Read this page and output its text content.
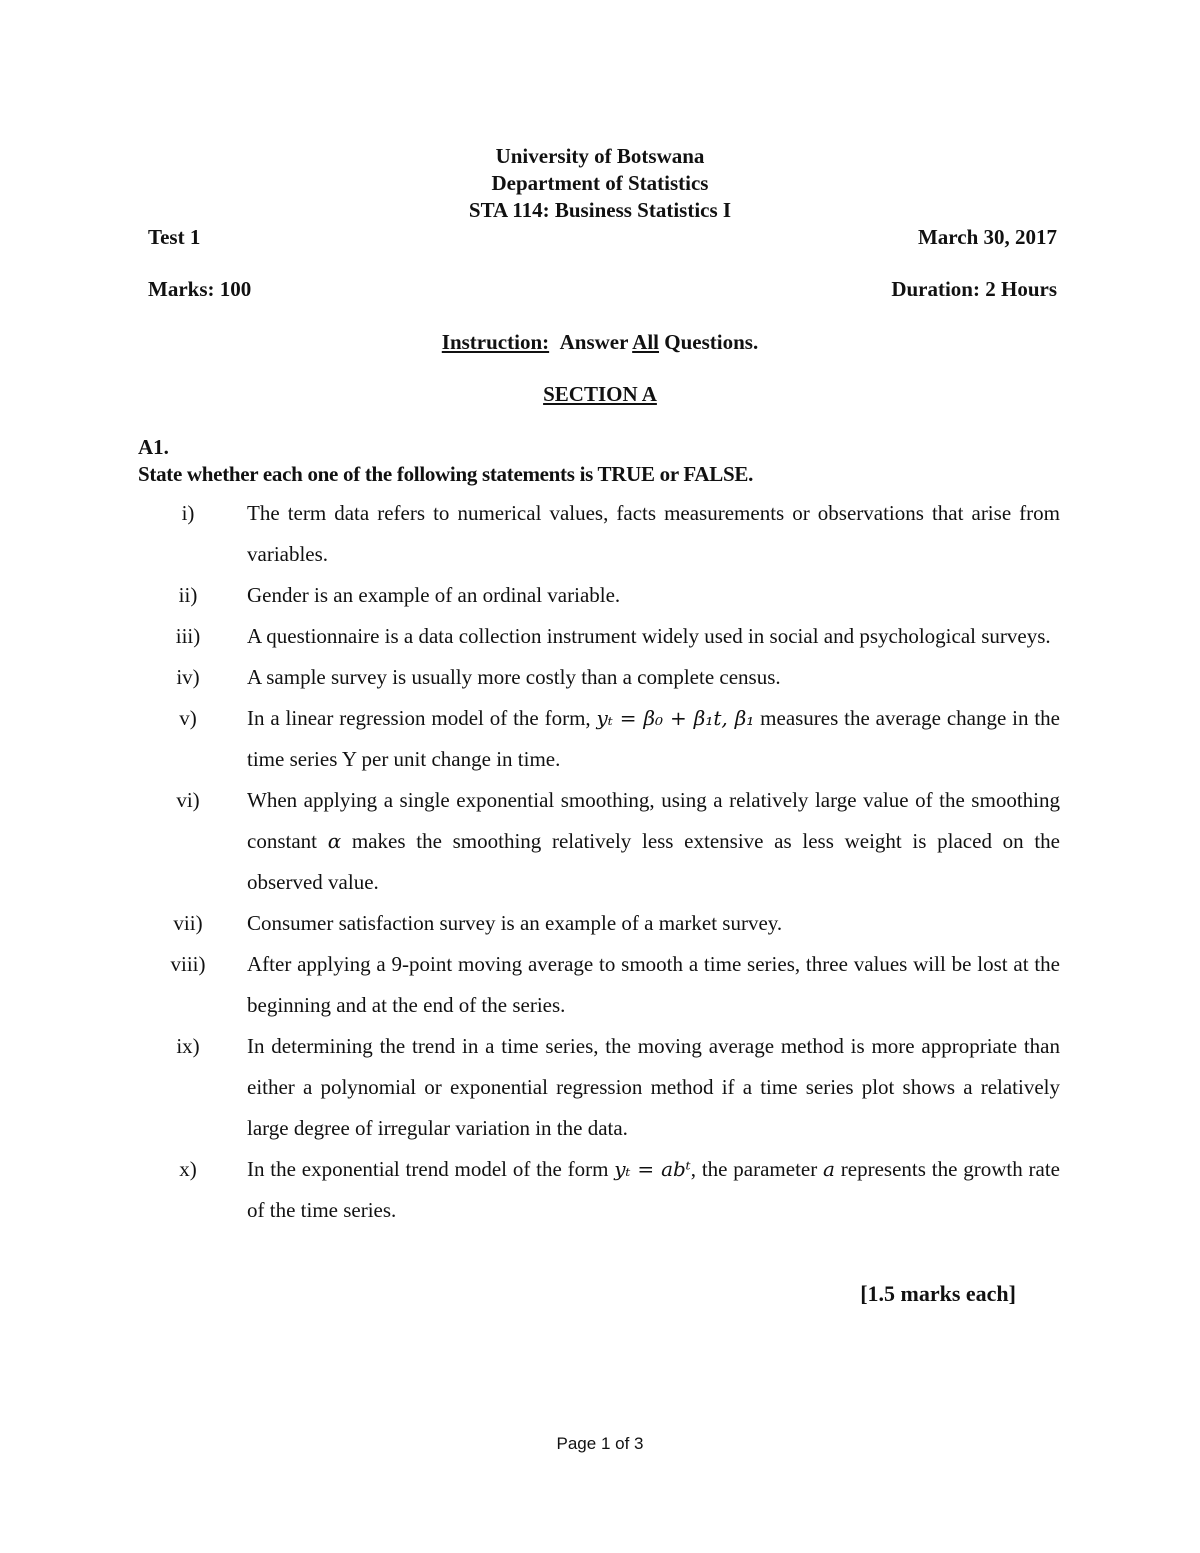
University of Botswana
Department of Statistics
STA 114: Business Statistics I
Test 1	March 30, 2017
Marks: 100	Duration: 2 Hours
Instruction: Answer All Questions.
SECTION A
A1.
State whether each one of the following statements is TRUE or FALSE.
i)	The term data refers to numerical values, facts measurements or observations that arise from variables.
ii)	Gender is an example of an ordinal variable.
iii)	A questionnaire is a data collection instrument widely used in social and psychological surveys.
iv)	A sample survey is usually more costly than a complete census.
v)	In a linear regression model of the form, yₜ = β₀ + β₁t, β₁ measures the average change in the time series Y per unit change in time.
vi)	When applying a single exponential smoothing, using a relatively large value of the smoothing constant α makes the smoothing relatively less extensive as less weight is placed on the observed value.
vii)	Consumer satisfaction survey is an example of a market survey.
viii)	After applying a 9-point moving average to smooth a time series, three values will be lost at the beginning and at the end of the series.
ix)	In determining the trend in a time series, the moving average method is more appropriate than either a polynomial or exponential regression method if a time series plot shows a relatively large degree of irregular variation in the data.
x)	In the exponential trend model of the form yₜ = abᵗ, the parameter a represents the growth rate of the time series.
[1.5 marks each]
Page 1 of 3
